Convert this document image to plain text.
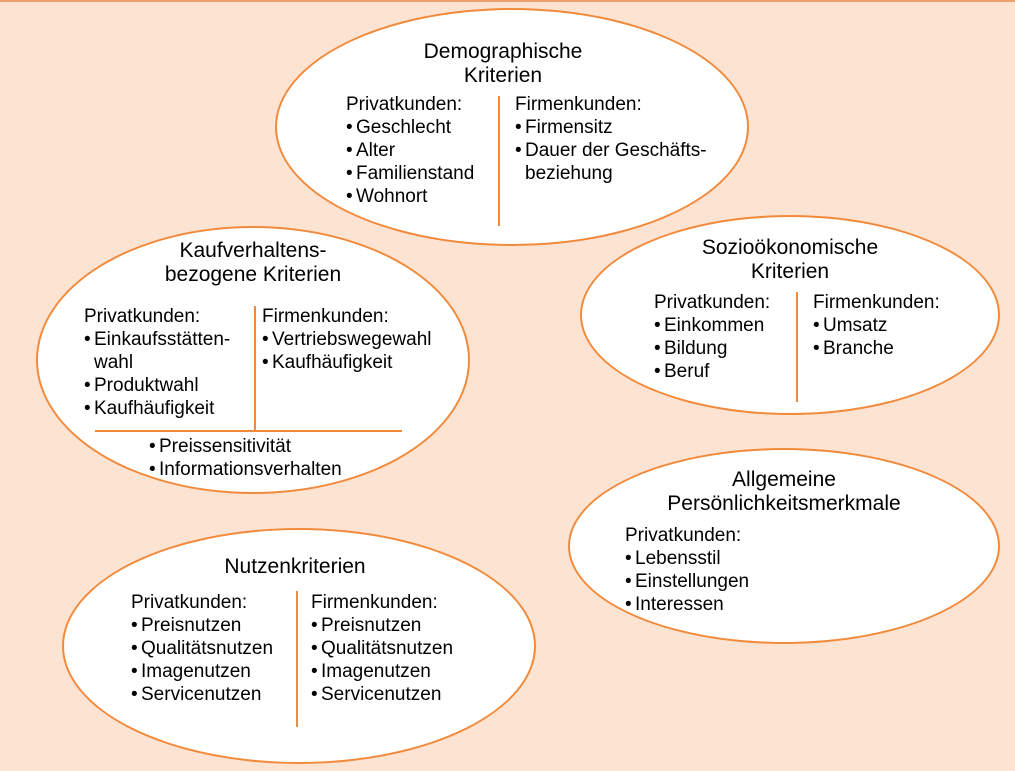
Demographische
Kriterien
Privatkunden:
• Geschlecht
• Alter
• Familienstand
• Wohnort
Firmenkunden:
• Firmensitz
• Dauer der Geschäfts-
beziehung
Kaufverhaltens-
bezogene Kriterien
Privatkunden:
• Einkaufsstätten-
wahl
• Produktwahl
• Kaufhäufigkeit
Firmenkunden:
• Vertriebswegewahl
• Kaufhäufigkeit
• Preissensitivität
• Informationsverhalten
Sozioökonomische
Kriterien
Privatkunden:
• Einkommen
• Bildung
• Beruf
Firmenkunden:
• Umsatz
• Branche
Allgemeine
Persönlichkeitsmerkmale
Privatkunden:
• Lebensstil
• Einstellungen
• Interessen
Nutzenkriterien
Privatkunden:
• Preisnutzen
• Qualitätsnutzen
• Imagenutzen
• Servicenutzen
Firmenkunden:
• Preisnutzen
• Qualitätsnutzen
• Imagenutzen
• Servicenutzen
